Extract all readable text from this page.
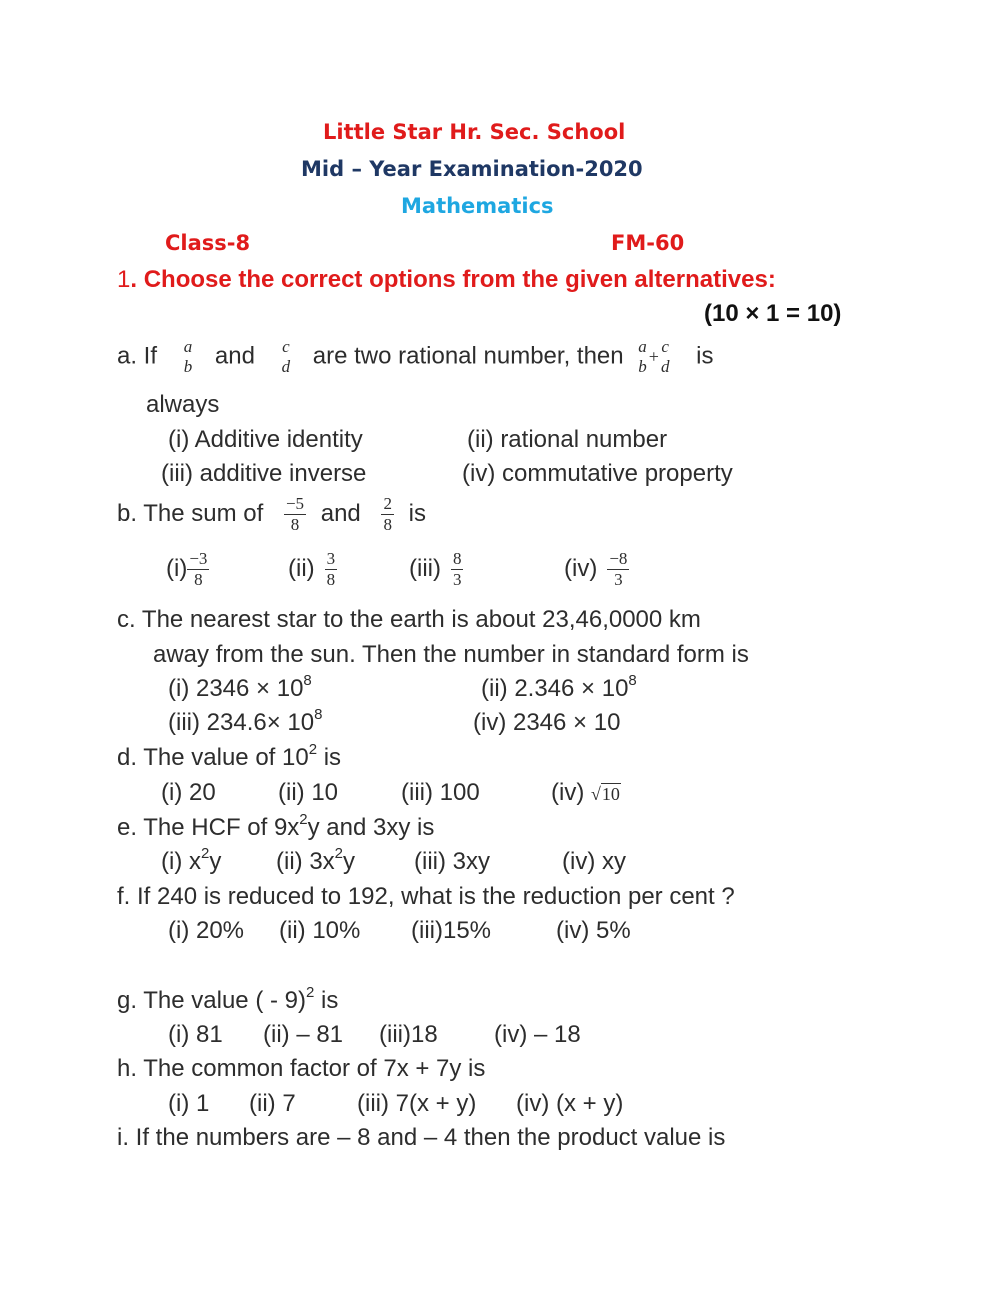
Little Star Hr. Sec. School
Mid – Year Examination-2020
Mathematics
Class-8	FM-60
1. Choose the correct options from the given alternatives:
(10 × 1 = 10)
a. If a
b and c
d are two rational number, then a
b + c
d is
always
(i) Additive identity	(ii) rational number
(iii) additive inverse	(iv) commutative property
b. The sum of $\frac{-5}{8}$ and $\frac{2}{8}$ is
$(i) \frac{-3}{8}$	$(ii) \frac{3}{8}$	$(iii) \frac{8}{3}$	$(iv) \frac{-8}{3}$
c. The nearest star to the earth is about 23,46,0000 km
away from the sun. Then the number in standard form is
(i) $2346 \times 10^8$	(ii) $2.346 \times 10^8$
(iii) $234.6\times 10^8$	(iv) 2346 × 10
d. The value of $10^2$ is
(i) 20	(ii) 10	(iii) 100	(iv) √10
e. The HCF of $9x^2y$ and 3xy is
(i) $x^2y$ (ii) $3x^2y$ (iii) 3xy	(iv) xy
f. If 240 is reduced to 192, what is the reduction per cent ?
(i) 20% (ii) 10% (iii)15%	(iv) 5%
g. The value ( - 9)$^2$ is
(i) 81 (ii) – 81 (iii)18 (iv) – 18
h. The common factor of 7x + 7y is
(i) 1 (ii) 7	(iii) 7(x + y) (iv) (x + y)
i. If the numbers are – 8 and – 4 then the product value is
